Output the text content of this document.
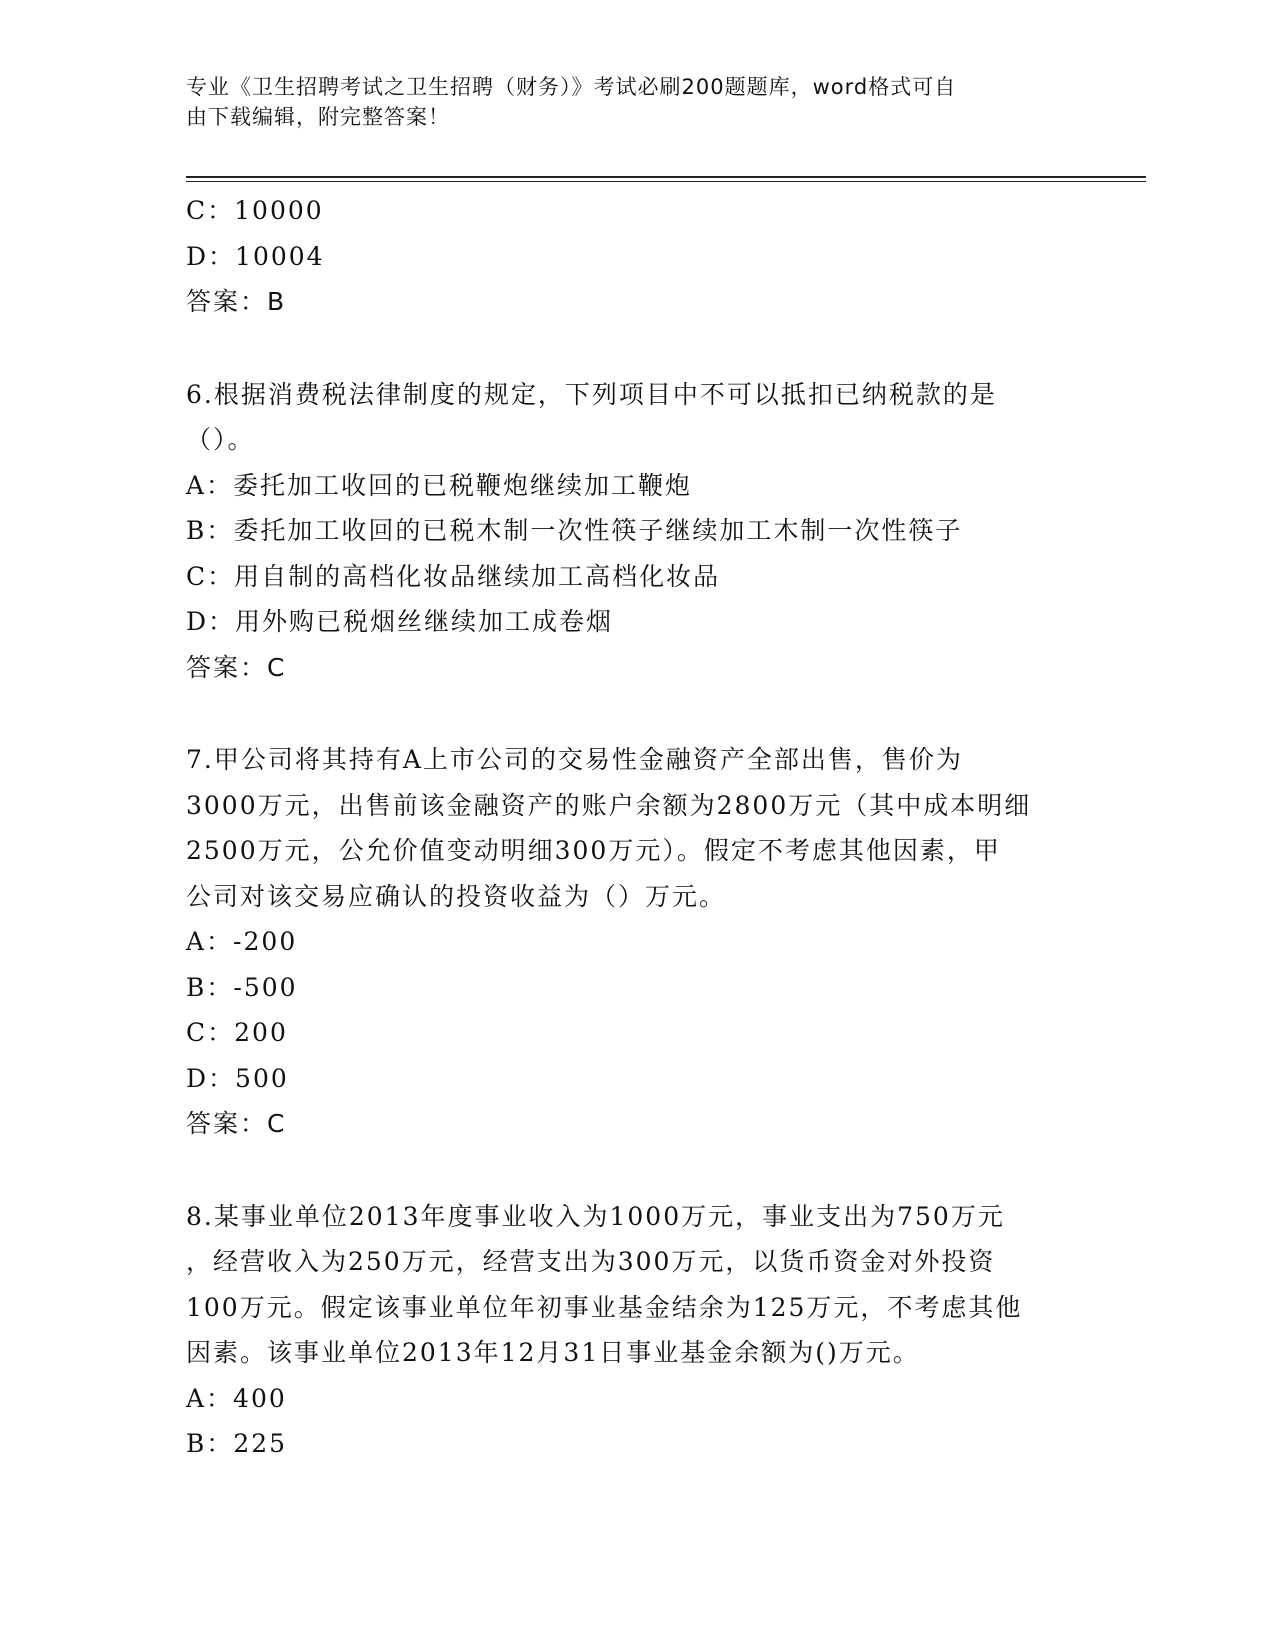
专业《卫生招聘考试之卫生招聘（财务）》考试必刷200题题库，word格式可自
由下载编辑，附完整答案！

C：10000

D：10004

答案：B

6.根据消费税法律制度的规定，下列项目中不可以抵扣已纳税款的是

（）。

A：委托加工收回的已税鞭炮继续加工鞭炮

B：委托加工收回的已税木制一次性筷子继续加工木制一次性筷子

C：用自制的高档化妆品继续加工高档化妆品

D：用外购已税烟丝继续加工成卷烟

答案：C

7.甲公司将其持有A上市公司的交易性金融资产全部出售，售价为

3000万元，出售前该金融资产的账户余额为2800万元（其中成本明细

2500万元，公允价值变动明细300万元）。假定不考虑其他因素，甲

公司对该交易应确认的投资收益为（）万元。

A：-200

B：-500

C：200

D：500

答案：C

8.某事业单位2013年度事业收入为1000万元，事业支出为750万元

，经营收入为250万元，经营支出为300万元，以货币资金对外投资

100万元。假定该事业单位年初事业基金结余为125万元，不考虑其他

因素。该事业单位2013年12月31日事业基金余额为()万元。

A：400

B：225
